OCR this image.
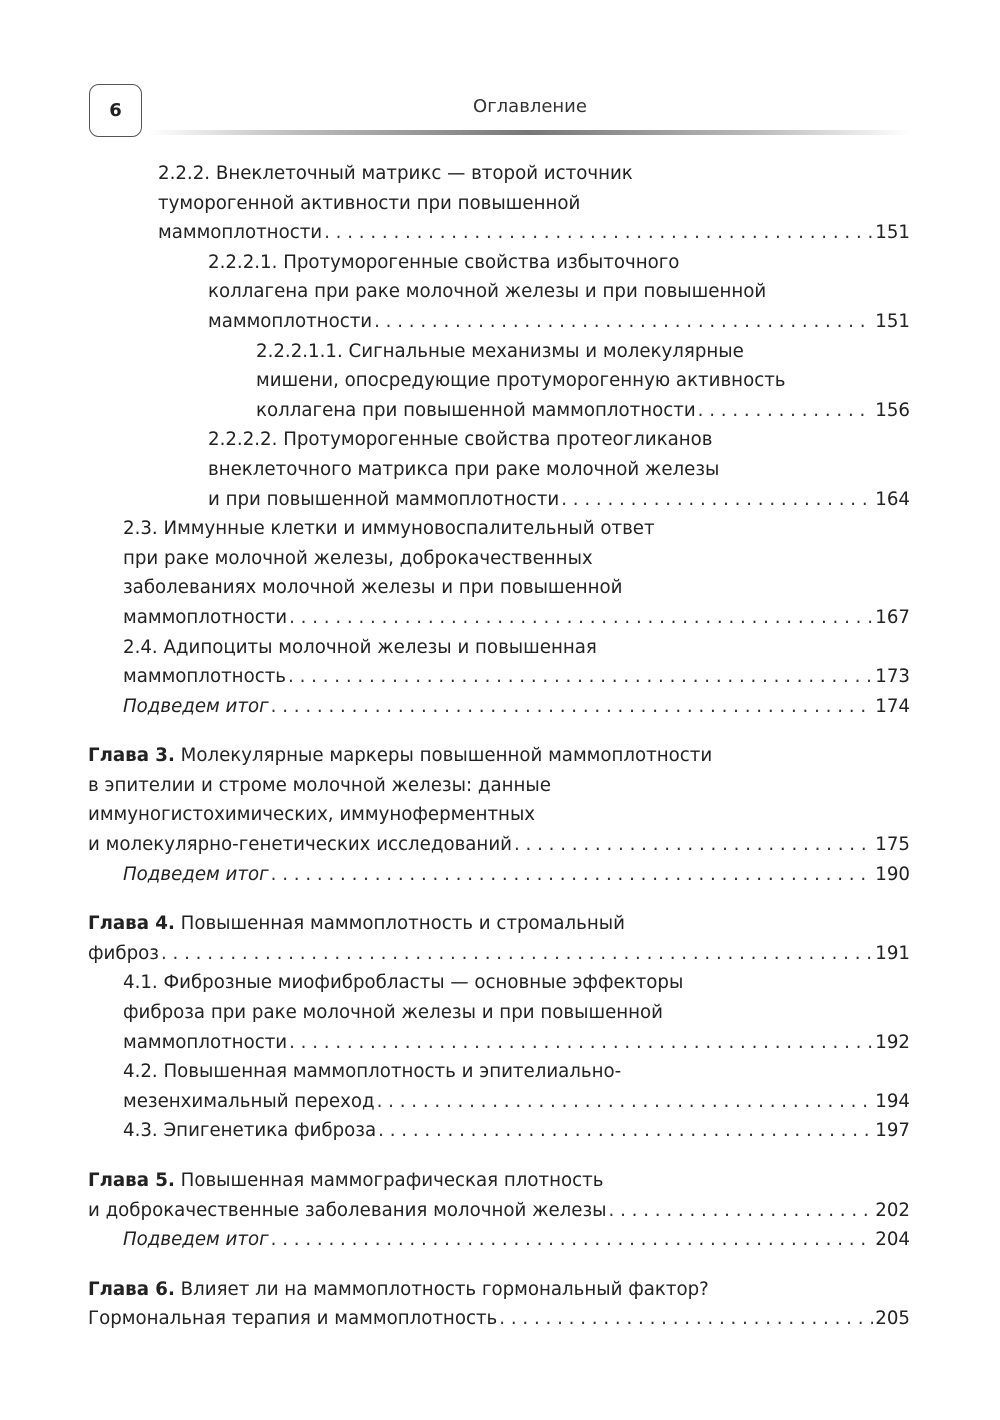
6	Оглавление
2.2.2. Внеклеточный матрикс — второй источник
туморогенной активности при повышенной
маммоплотности . . .	151
2.2.2.1. Протуморогенные свойства избыточного
коллагена при раке молочной железы и при повышенной
маммоплотности . . .	151
2.2.2.1.1. Сигнальные механизмы и молекулярные
мишени, опосредующие протуморогенную активность
коллагена при повышенной маммоплотности . . .	156
2.2.2.2. Протуморогенные свойства протеогликанов
внеклеточного матрикса при раке молочной железы
и при повышенной маммоплотности . . .	164
2.3. Иммунные клетки и иммуновоспалительный ответ
при раке молочной железы, доброкачественных
заболеваниях молочной железы и при повышенной
маммоплотности . . .	167
2.4. Адипоциты молочной железы и повышенная
маммоплотность . . .	173
Подведем итог . . .	174
Глава 3. Молекулярные маркеры повышенной маммоплотности
в эпителии и строме молочной железы: данные
иммуногистохимических, иммуноферментных
и молекулярно-генетических исследований . . .	175
Подведем итог . . .	190
Глава 4. Повышенная маммоплотность и стромальный
фиброз . . .	191
4.1. Фиброзные миофибробласты — основные эффекторы
фиброза при раке молочной железы и при повышенной
маммоплотности . . .	192
4.2. Повышенная маммоплотность и эпителиально-
мезенхимальный переход . . .	194
4.3. Эпигенетика фиброза . . .	197
Глава 5. Повышенная маммографическая плотность
и доброкачественные заболевания молочной железы . . .	202
Подведем итог . . .	204
Глава 6. Влияет ли на маммоплотность гормональный фактор?
Гормональная терапия и маммоплотность . . .	205
